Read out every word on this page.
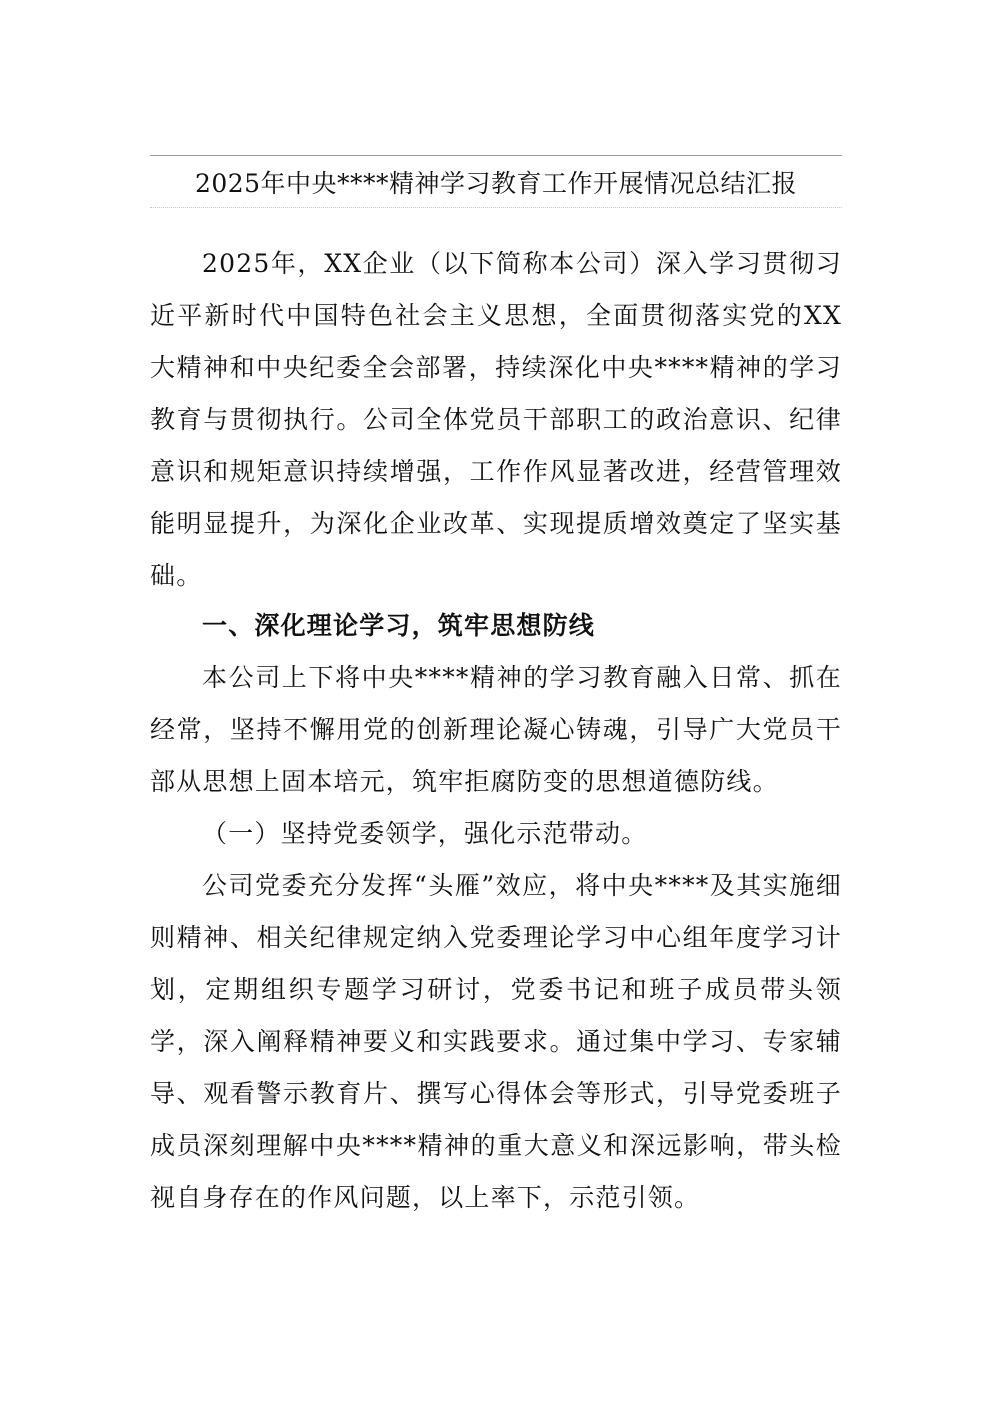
2025年中央****精神学习教育工作开展情况总结汇报

2025年，XX企业（以下简称本公司）深入学习贯彻习近平新时代中国特色社会主义思想，全面贯彻落实党的XX大精神和中央纪委全会部署，持续深化中央****精神的学习教育与贯彻执行。公司全体党员干部职工的政治意识、纪律意识和规矩意识持续增强，工作作风显著改进，经营管理效能明显提升，为深化企业改革、实现提质增效奠定了坚实基础。

一、深化理论学习，筑牢思想防线

本公司上下将中央****精神的学习教育融入日常、抓在经常，坚持不懈用党的创新理论凝心铸魂，引导广大党员干部从思想上固本培元，筑牢拒腐防变的思想道德防线。

（一）坚持党委领学，强化示范带动。

公司党委充分发挥“头雁”效应，将中央****及其实施细则精神、相关纪律规定纳入党委理论学习中心组年度学习计划，定期组织专题学习研讨，党委书记和班子成员带头领学，深入阐释精神要义和实践要求。通过集中学习、专家辅导、观看警示教育片、撰写心得体会等形式，引导党委班子成员深刻理解中央****精神的重大意义和深远影响，带头检视自身存在的作风问题，以上率下，示范引领。
